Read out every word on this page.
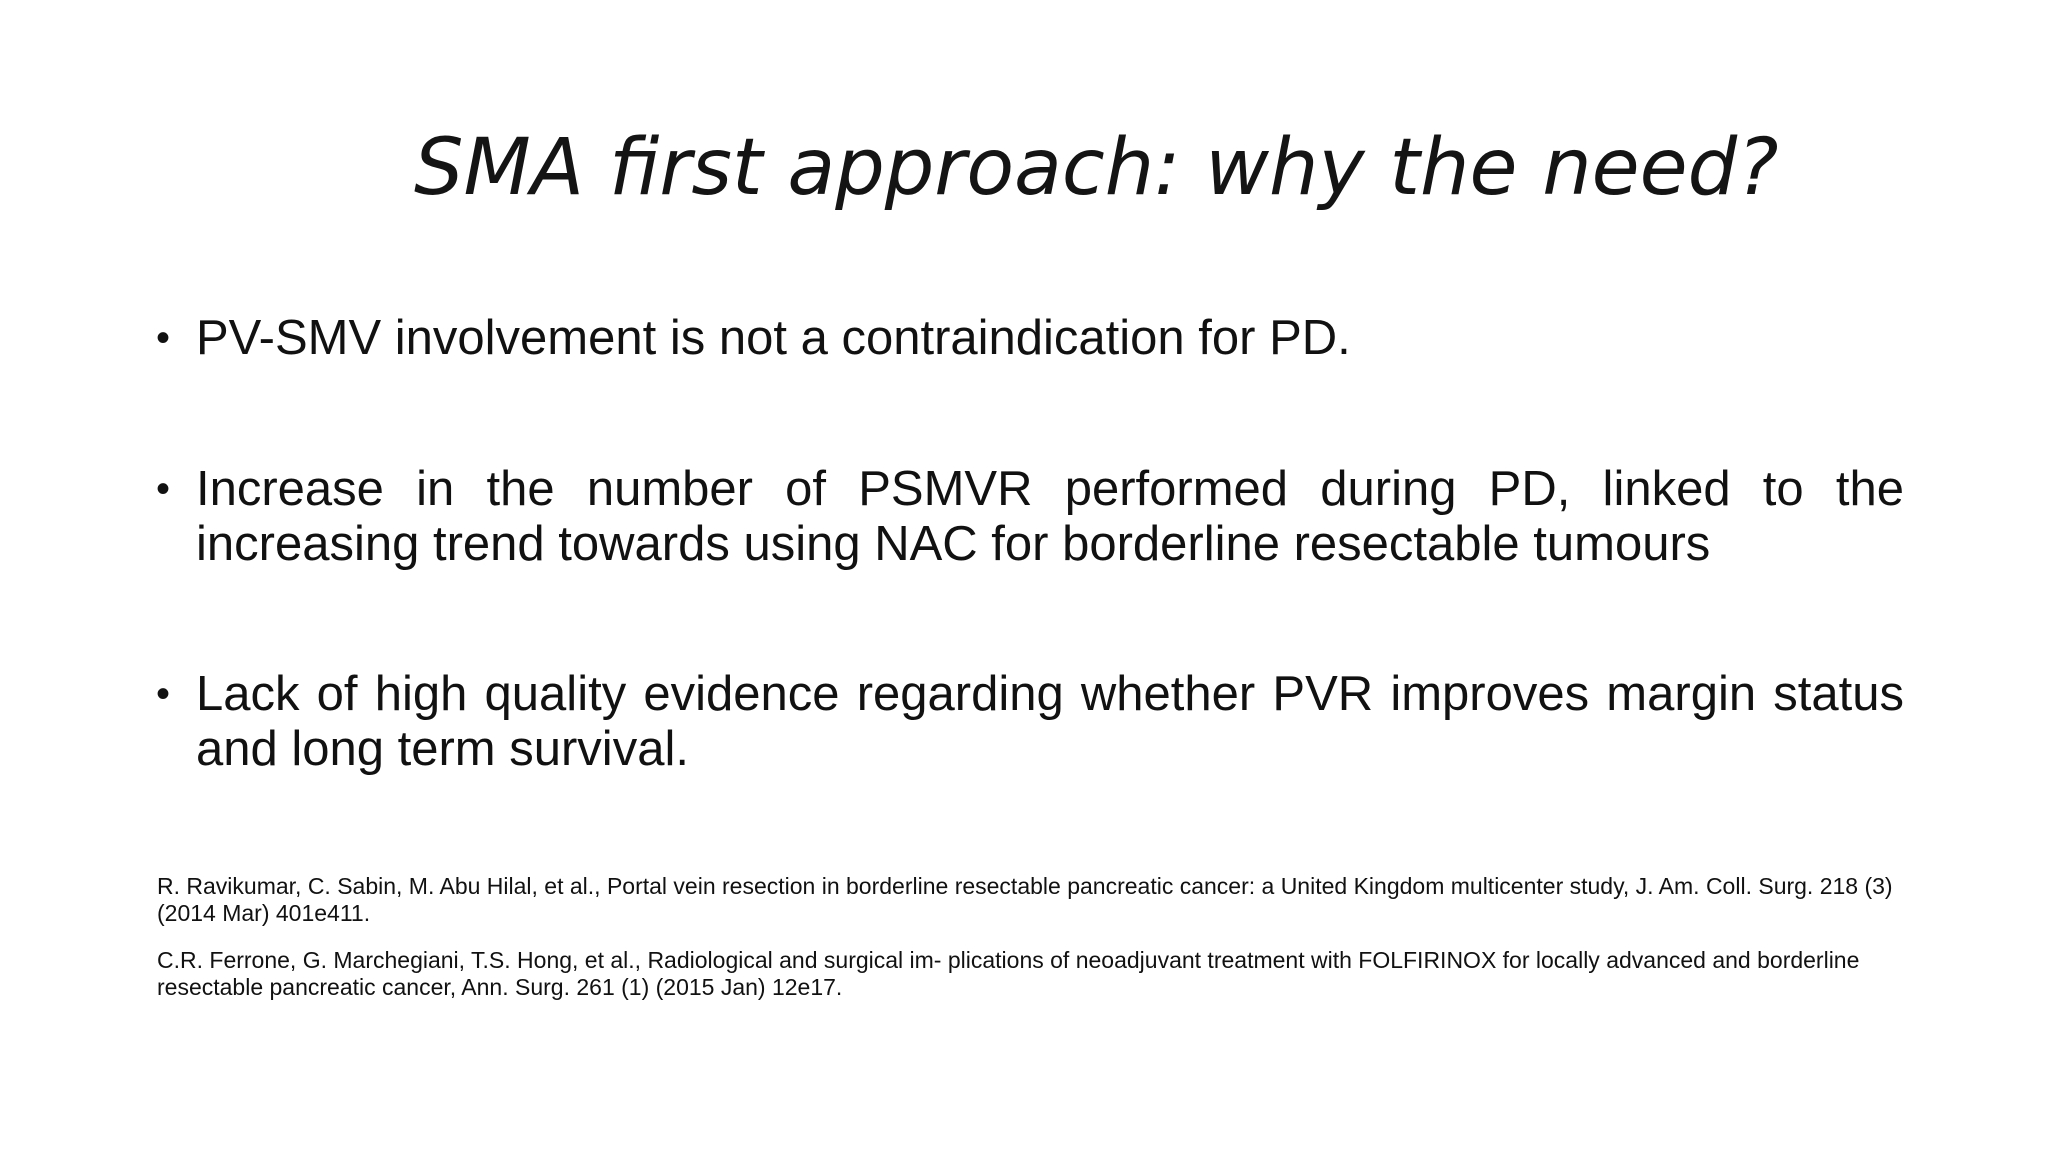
SMA first approach: why the need?
• PV-SMV involvement is not a contraindication for PD.
• Increase in the number of PSMVR performed during PD, linked to the increasing trend towards using NAC for borderline resectable tumours
• Lack of high quality evidence regarding whether PVR improves margin status and long term survival.
R. Ravikumar, C. Sabin, M. Abu Hilal, et al., Portal vein resection in borderline resectable pancreatic cancer: a United Kingdom multicenter study, J. Am. Coll. Surg. 218 (3) (2014 Mar) 401e411.
C.R. Ferrone, G. Marchegiani, T.S. Hong, et al., Radiological and surgical im- plications of neoadjuvant treatment with FOLFIRINOX for locally advanced and borderline resectable pancreatic cancer, Ann. Surg. 261 (1) (2015 Jan) 12e17.
